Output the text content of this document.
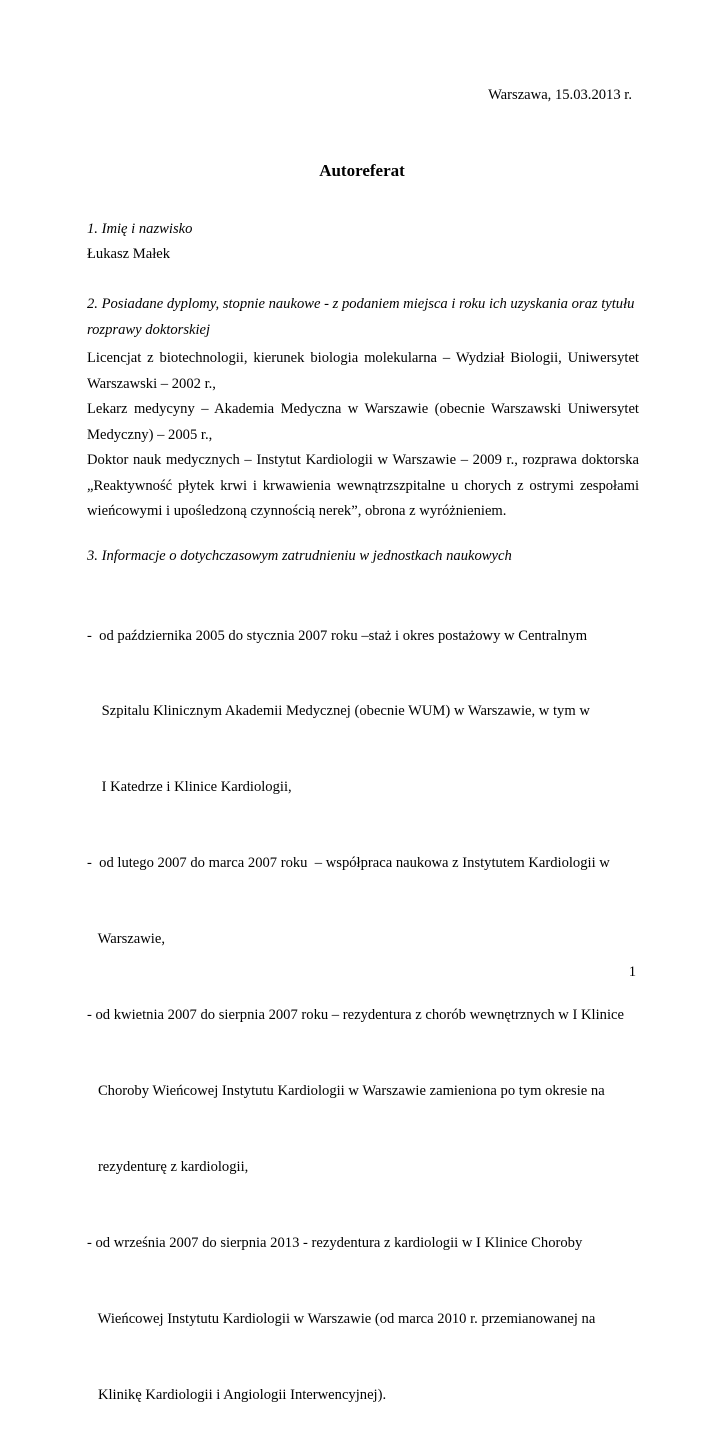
Warszawa, 15.03.2013 r.
Autoreferat
1. Imię i nazwisko
Łukasz Małek
2. Posiadane dyplomy, stopnie naukowe - z podaniem miejsca i roku ich uzyskania oraz tytułu
rozprawy doktorskiej
Licencjat z biotechnologii, kierunek biologia molekularna – Wydział Biologii, Uniwersytet
Warszawski – 2002 r.,
Lekarz medycyny – Akademia Medyczna w Warszawie (obecnie Warszawski Uniwersytet
Medyczny) – 2005 r.,
Doktor nauk medycznych – Instytut Kardiologii w Warszawie – 2009 r., rozprawa doktorska
„Reaktywność płytek krwi i krwawienia wewnątrzszpitalne u chorych z ostrymi zespołami
wieńcowymi i upośledzoną czynnością nerek”, obrona z wyróżnieniem.
3. Informacje o dotychczasowym zatrudnieniu w jednostkach naukowych

-  od października 2005 do stycznia 2007 roku –staż i okres postażowy w Centralnym

Szpitalu Klinicznym Akademii Medycznej (obecnie WUM) w Warszawie, w tym w

I Katedrze i Klinice Kardiologii,

-  od lutego 2007 do marca 2007 roku  – współpraca naukowa z Instytutem Kardiologii w

Warszawie,

- od kwietnia 2007 do sierpnia 2007 roku – rezydentura z chorób wewnętrznych w I Klinice

Choroby Wieńcowej Instytutu Kardiologii w Warszawie zamieniona po tym okresie na

rezydenturę z kardiologii,

- od września 2007 do sierpnia 2013 - rezydentura z kardiologii w I Klinice Choroby

Wieńcowej Instytutu Kardiologii w Warszawie (od marca 2010 r. przemianowanej na

Klinikę Kardiologii i Angiologii Interwencyjnej).

1
